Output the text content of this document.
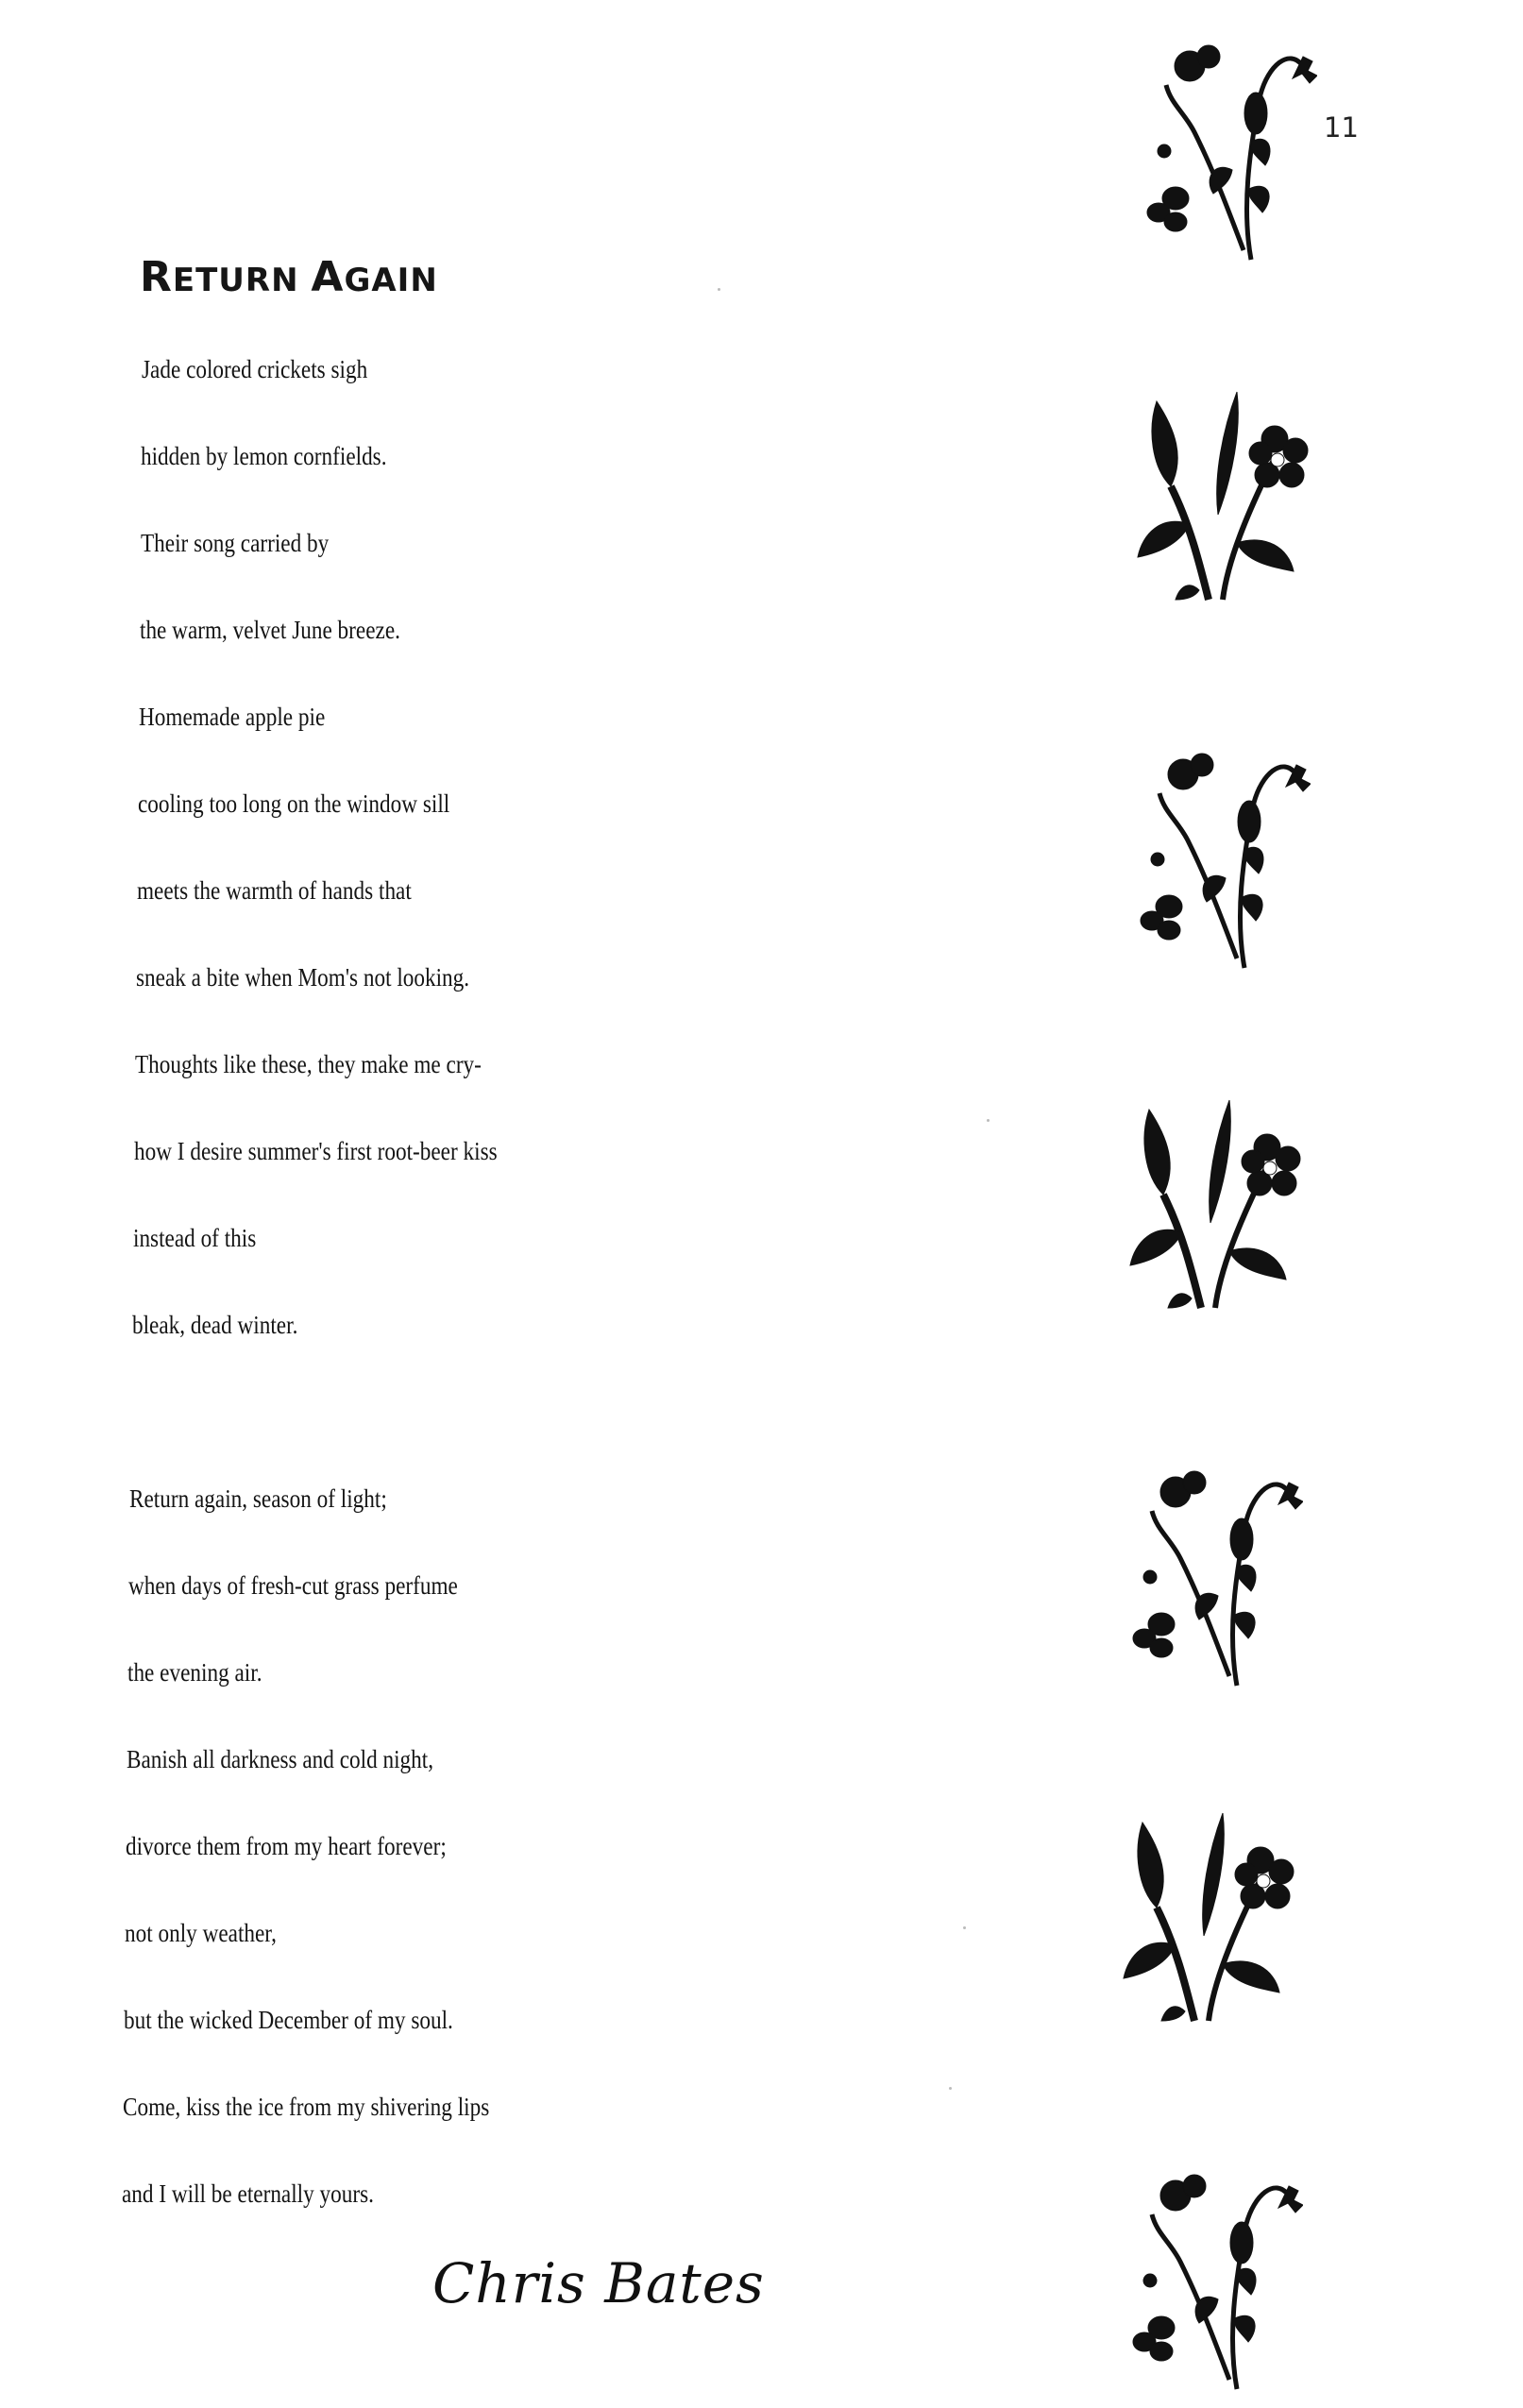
11
RETURN AGAIN
Jade colored crickets sigh
hidden by lemon cornfields.
Their song carried by
the warm, velvet June breeze.
Homemade apple pie
cooling too long on the window sill
meets the warmth of hands that
sneak a bite when Mom's not looking.
Thoughts like these, they make me cry-
how I desire summer's first root-beer kiss
instead of this
bleak, dead winter.
Return again, season of light;
when days of fresh-cut grass perfume
the evening air.
Banish all darkness and cold night,
divorce them from my heart forever;
not only weather,
but the wicked December of my soul.
Come, kiss the ice from my shivering lips
and I will be eternally yours.
Chris Bates
